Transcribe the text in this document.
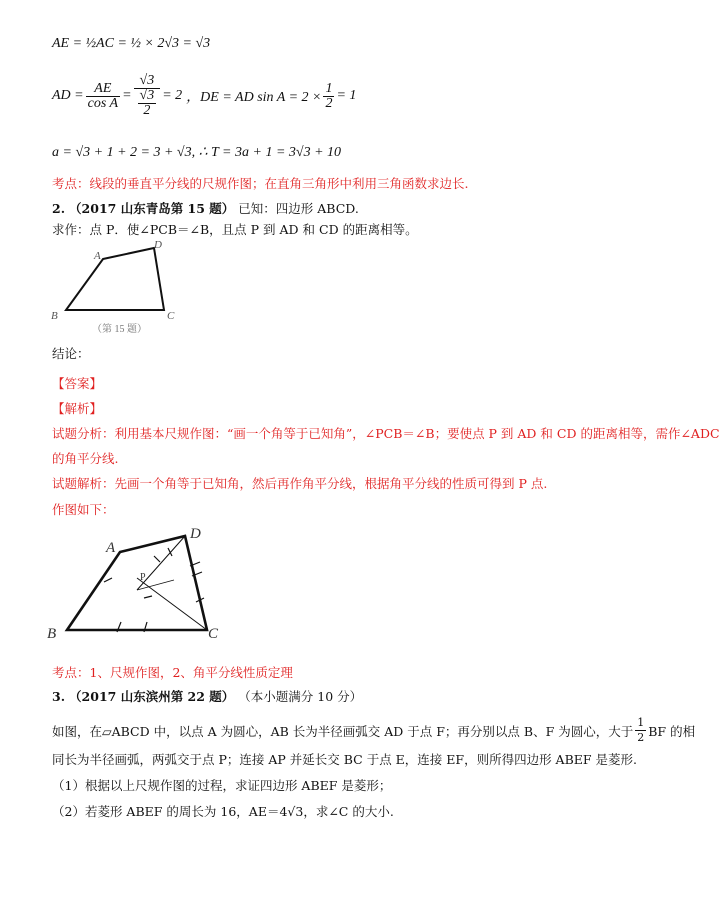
AE = ½AC = ½ × 2√3 = √3
AD = $\frac{AE}{\text{cos A}} = \frac{√3}{\frac{√3}{2}} = 2$ ，DE = AD $\sin A = 2 \times \frac{1}{2} = 1$
a = √3 + 1 + 2 = 3 + √3, ∴ T = 3a + 1 = 3√3 + 10
考点：线段的垂直平分线的尺规作图；在直角三角形中利用三角函数求边长.
2. （2017 山东青岛第 15 题） 已知：四边形 ABCD.
求作：点 P．使∠PCB＝∠B，且点 P 到 AD 和 CD 的距离相等。
A
D
B	C
（第 15 题）
结论：
【答案】
【解析】
试题分析：利用基本尺规作图：“画一个角等于已知角”，∠PCB＝∠B；要使点 P 到 AD 和 CD 的距离相等，需作∠ADC
的角平分线.
试题解析：先画一个角等于已知角，然后再作角平分线，根据角平分线的性质可得到 P 点.
作图如下：
A
D
B	C
P
考点：1、尺规作图，2、角平分线性质定理
3. （2017 山东滨州第 22 题） （本小题满分 10 分）
如图，在▱ABCD 中，以点 A 为圆心，AB 长为半径画弧交 AD 于点 F；再分别以点 B、F 为圆心，大于 $\frac{1}{2}$ BF 的相
同长为半径画弧，两弧交于点 P；连接 AP 并延长交 BC 于点 E，连接 EF，则所得四边形 ABEF 是菱形.
（1）根据以上尺规作图的过程，求证四边形 ABEF 是菱形；
（2）若菱形 ABEF 的周长为 16，AE＝4√3，求∠C 的大小.
